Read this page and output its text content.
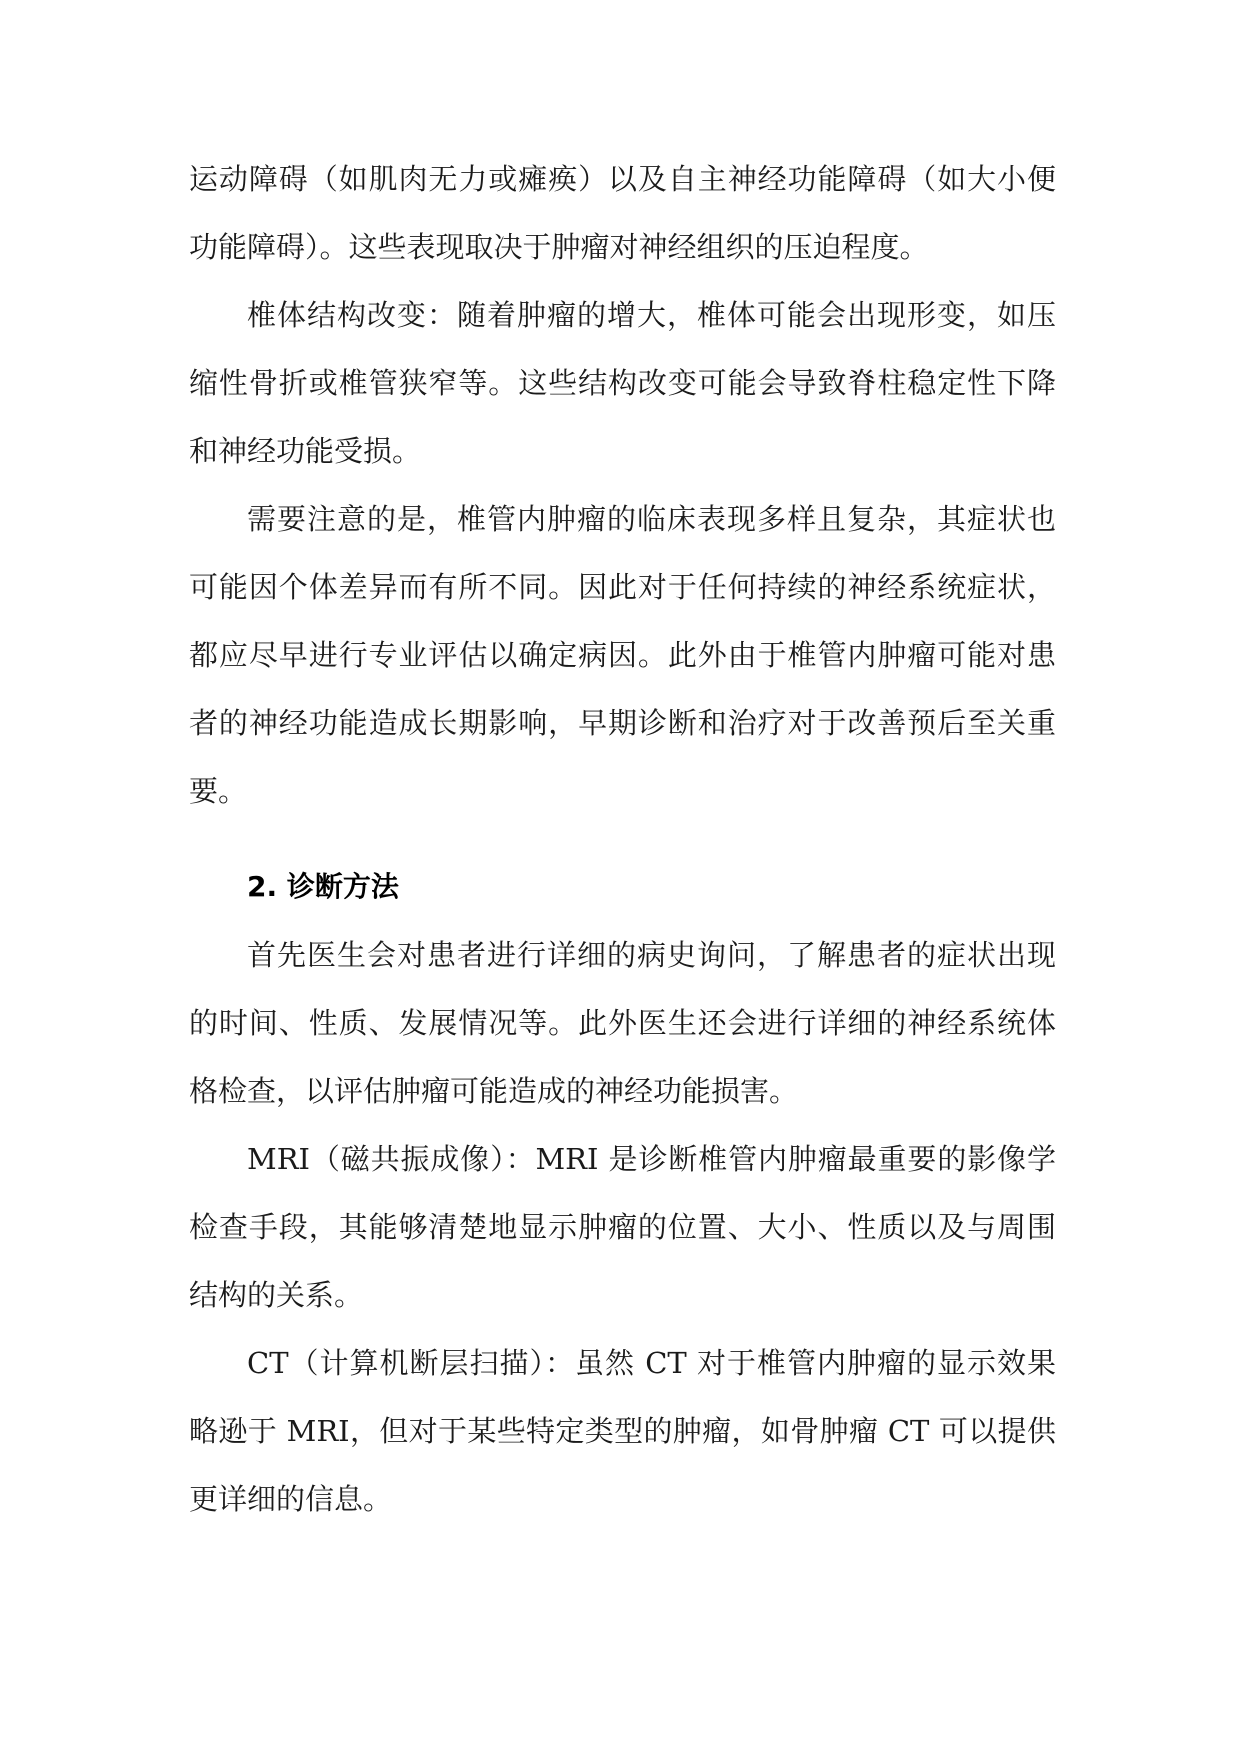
运动障碍（如肌肉无力或瘫痪）以及自主神经功能障碍（如大小便功能障碍）。这些表现取决于肿瘤对神经组织的压迫程度。

椎体结构改变：随着肿瘤的增大，椎体可能会出现形变，如压缩性骨折或椎管狭窄等。这些结构改变可能会导致脊柱稳定性下降和神经功能受损。

需要注意的是，椎管内肿瘤的临床表现多样且复杂，其症状也可能因个体差异而有所不同。因此对于任何持续的神经系统症状，都应尽早进行专业评估以确定病因。此外由于椎管内肿瘤可能对患者的神经功能造成长期影响，早期诊断和治疗对于改善预后至关重要。

2. 诊断方法

首先医生会对患者进行详细的病史询问，了解患者的症状出现的时间、性质、发展情况等。此外医生还会进行详细的神经系统体格检查，以评估肿瘤可能造成的神经功能损害。

MRI（磁共振成像）：MRI 是诊断椎管内肿瘤最重要的影像学检查手段，其能够清楚地显示肿瘤的位置、大小、性质以及与周围结构的关系。

CT（计算机断层扫描）：虽然 CT 对于椎管内肿瘤的显示效果略逊于 MRI，但对于某些特定类型的肿瘤，如骨肿瘤 CT 可以提供更详细的信息。
